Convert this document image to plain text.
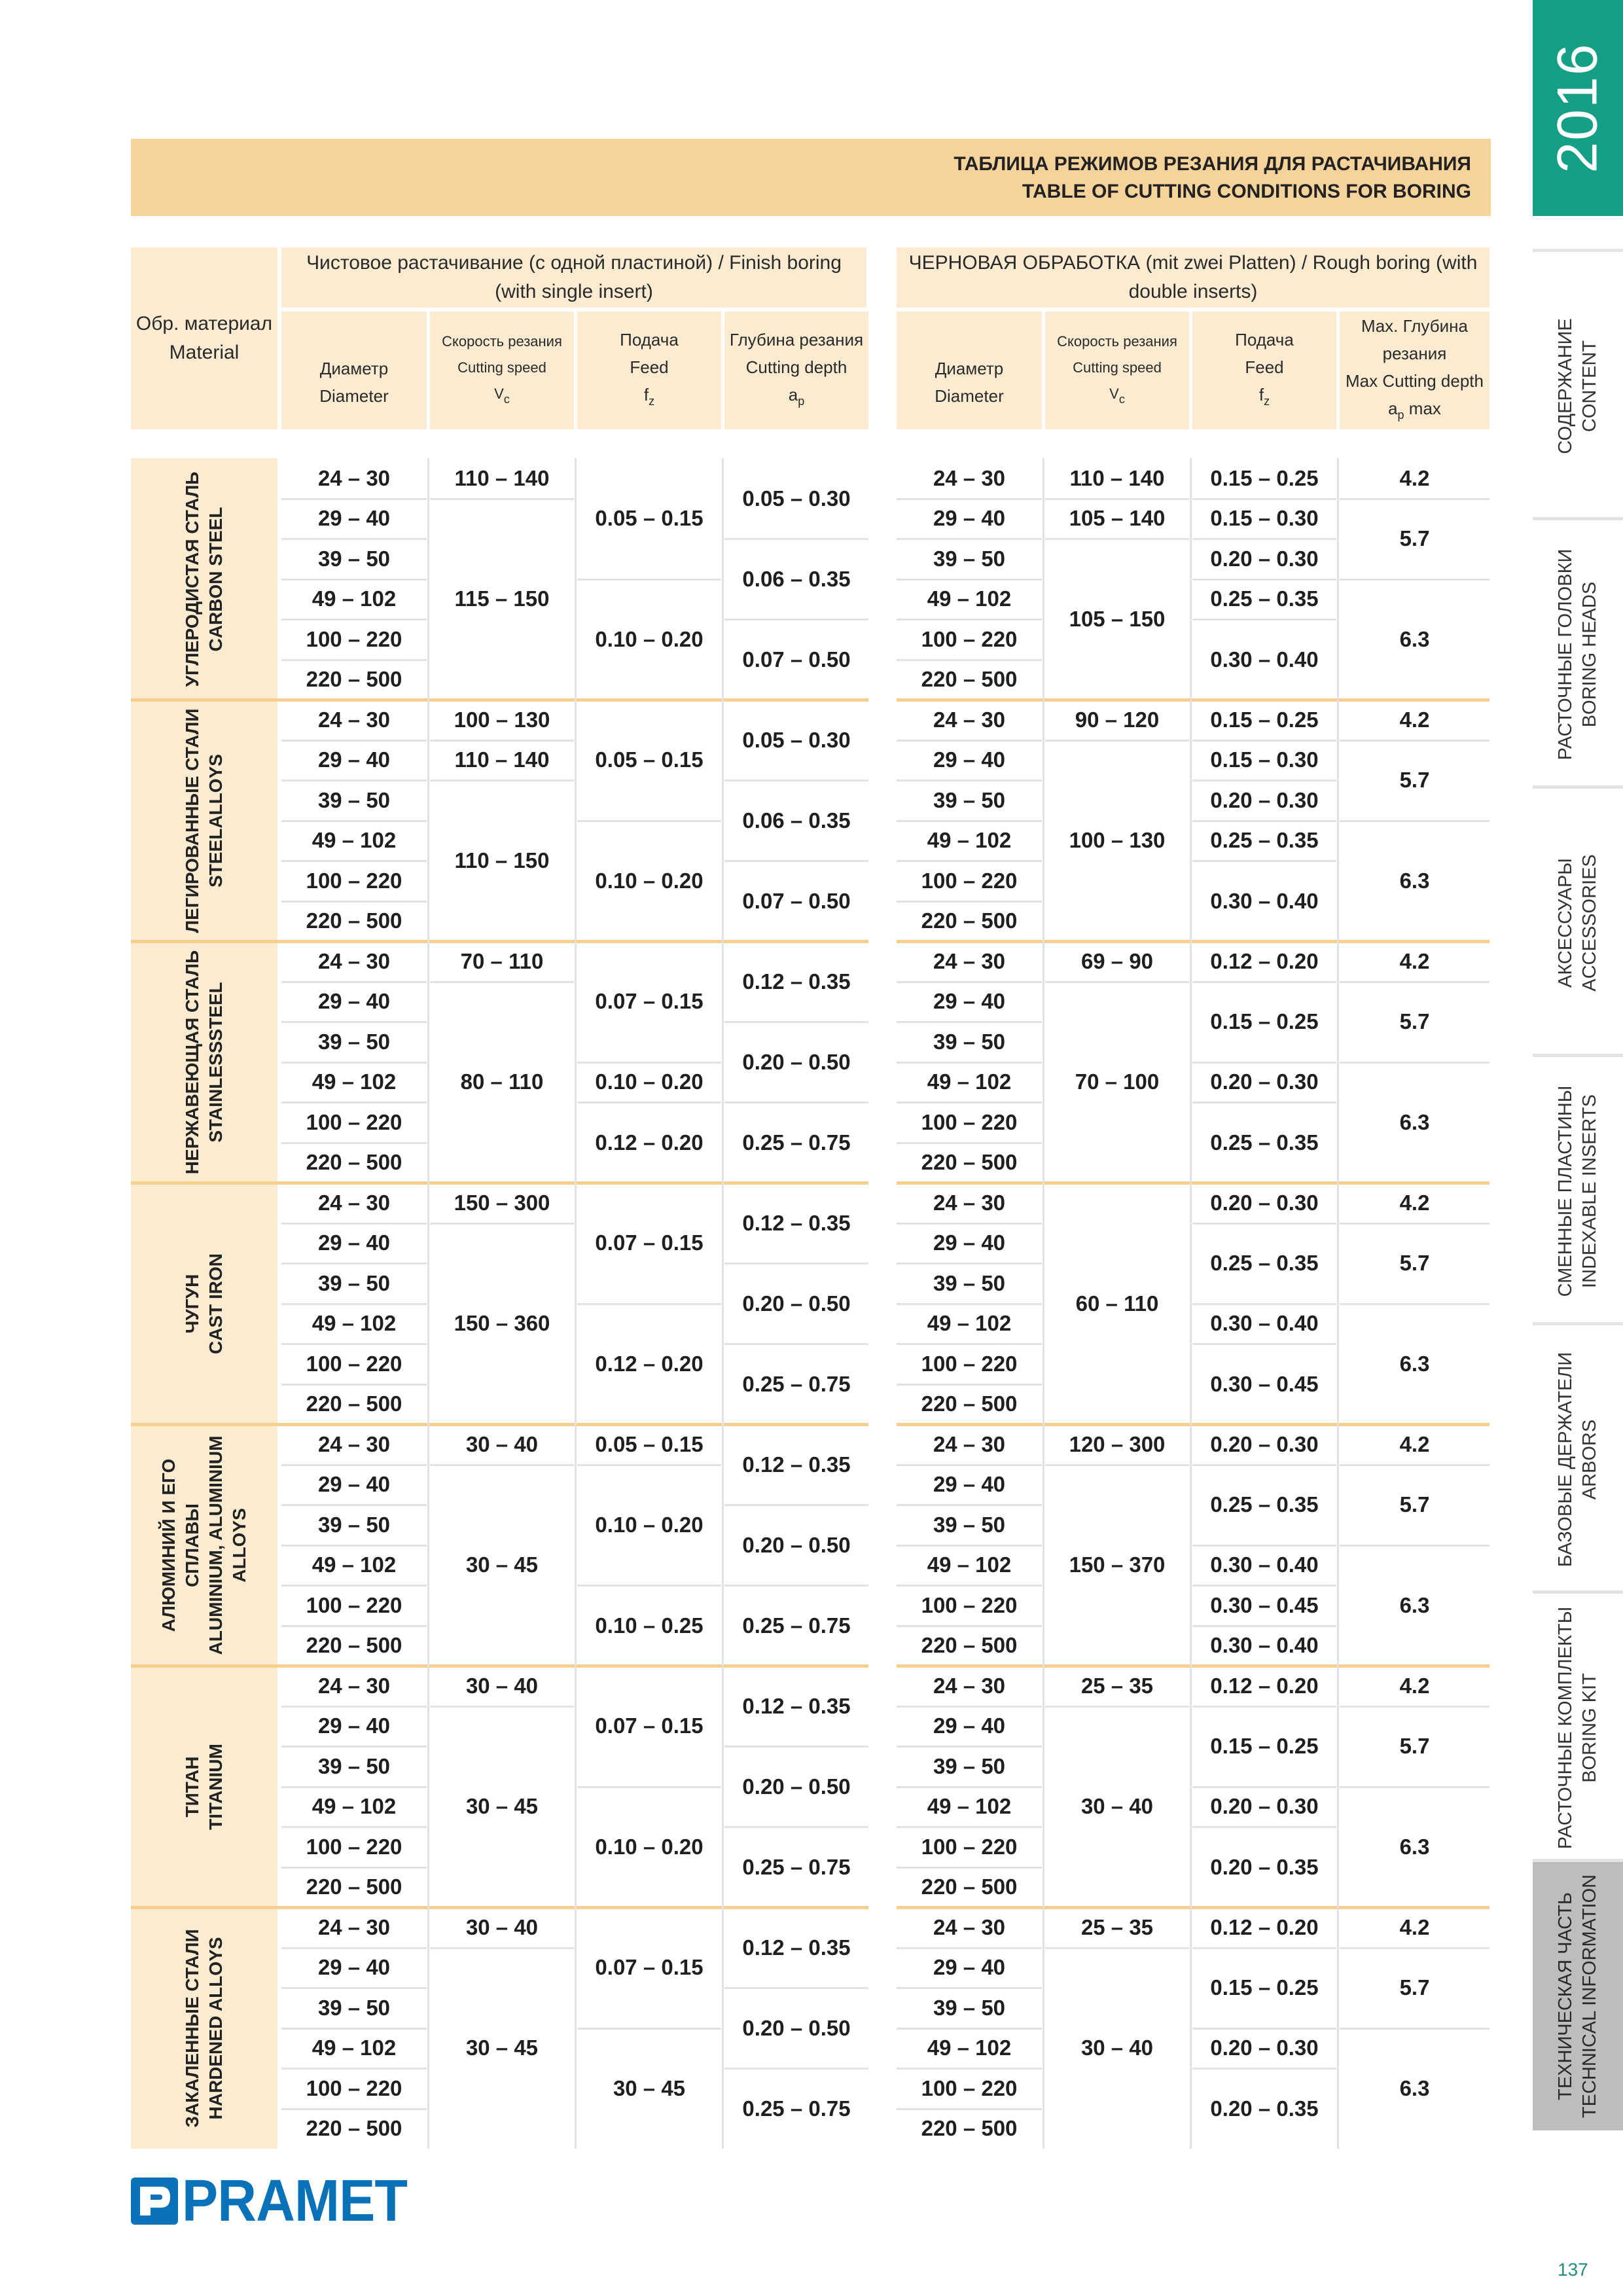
2016
СОДЕРЖАНИЕ CONTENT
РАСТОЧНЫЕ ГОЛОВКИ BORING HEADS
АКСЕССУАРЫ ACCESSORIES
СМЕННЫЕ ПЛАСТИНЫ INDEXABLE INSERTS
БАЗОВЫЕ ДЕРЖАТЕЛИ ARBORS
РАСТОЧНЫЕ КОМПЛЕКТЫ BORING KIT
ТЕХНИЧЕСКАЯ ЧАСТЬ TECHNICAL INFORMATION
ТАБЛИЦА РЕЖИМОВ РЕЗАНИЯ ДЛЯ РАСТАЧИВАНИЯ
TABLE OF CUTTING CONDITIONS FOR BORING
Обр. материал
Material
Чистовое растачивание (с одной пластиной) / Finish boring (with single insert)
ЧЕРНОВАЯ ОБРАБОТКА (mit zwei Platten) / Rough boring (with double inserts)
Диаметр
Diameter
Скорость резания
Cutting speed
$V_c$
Подача
Feed
$f_z$
Глубина резания
Cutting depth
$a_p$
Диаметр
Diameter
Скорость резания
Cutting speed
$V_c$
Подача
Feed
$f_z$
Max. Глубина
резания
Max Cutting depth
$a_p$ max
УГЛЕРОДИСТАЯ СТАЛЬ CARBON STEEL
24 – 30
29 – 40
39 – 50
49 – 102
100 – 220
220 – 500
24 – 30
29 – 40
39 – 50
49 – 102
100 – 220
220 – 500
110 – 140
115 – 150
0.05 – 0.15
0.10 – 0.20
0.05 – 0.30
0.06 – 0.35
0.07 – 0.50
110 – 140
105 – 140
105 – 150
0.15 – 0.25
0.15 – 0.30
0.20 – 0.30
0.25 – 0.35
0.30 – 0.40
4.2
5.7
6.3
ЛЕГИРОВАННЫЕ СТАЛИ STEELALLOYS
24 – 30
29 – 40
39 – 50
49 – 102
100 – 220
220 – 500
24 – 30
29 – 40
39 – 50
49 – 102
100 – 220
220 – 500
100 – 130
110 – 140
110 – 150
0.05 – 0.15
0.10 – 0.20
0.05 – 0.30
0.06 – 0.35
0.07 – 0.50
90 – 120
100 – 130
0.15 – 0.25
0.15 – 0.30
0.20 – 0.30
0.25 – 0.35
0.30 – 0.40
4.2
5.7
6.3
НЕРЖАВЕЮЩАЯ СТАЛЬ STAINLESSSTEEL
24 – 30
29 – 40
39 – 50
49 – 102
100 – 220
220 – 500
24 – 30
29 – 40
39 – 50
49 – 102
100 – 220
220 – 500
70 – 110
80 – 110
0.07 – 0.15
0.10 – 0.20
0.12 – 0.20
0.12 – 0.35
0.20 – 0.50
0.25 – 0.75
69 – 90
70 – 100
0.12 – 0.20
0.15 – 0.25
0.20 – 0.30
0.25 – 0.35
4.2
5.7
6.3
ЧУГУН CAST IRON
24 – 30
29 – 40
39 – 50
49 – 102
100 – 220
220 – 500
24 – 30
29 – 40
39 – 50
49 – 102
100 – 220
220 – 500
150 – 300
150 – 360
0.07 – 0.15
0.12 – 0.20
0.12 – 0.35
0.20 – 0.50
0.25 – 0.75
60 – 110
0.20 – 0.30
0.25 – 0.35
0.30 – 0.40
0.30 – 0.45
4.2
5.7
6.3
АЛЮМИНИЙ И ЕГО СПЛАВЫ ALUMINIUM, ALUMINIUM ALLOYS
24 – 30
29 – 40
39 – 50
49 – 102
100 – 220
220 – 500
24 – 30
29 – 40
39 – 50
49 – 102
100 – 220
220 – 500
30 – 40
30 – 45
0.05 – 0.15
0.10 – 0.20
0.10 – 0.25
0.12 – 0.35
0.20 – 0.50
0.25 – 0.75
120 – 300
150 – 370
0.20 – 0.30
0.25 – 0.35
0.30 – 0.40
0.30 – 0.45
0.30 – 0.40
4.2
5.7
6.3
ТИТАН TITANIUM
24 – 30
29 – 40
39 – 50
49 – 102
100 – 220
220 – 500
24 – 30
29 – 40
39 – 50
49 – 102
100 – 220
220 – 500
30 – 40
30 – 45
0.07 – 0.15
0.10 – 0.20
0.12 – 0.35
0.20 – 0.50
0.25 – 0.75
25 – 35
30 – 40
0.12 – 0.20
0.15 – 0.25
0.20 – 0.30
0.20 – 0.35
4.2
5.7
6.3
ЗАКАЛЕННЫЕ СТАЛИ HARDENED ALLOYS
24 – 30
29 – 40
39 – 50
49 – 102
100 – 220
220 – 500
24 – 30
29 – 40
39 – 50
49 – 102
100 – 220
220 – 500
30 – 40
30 – 45
0.07 – 0.15
30 – 45
0.12 – 0.35
0.20 – 0.50
0.25 – 0.75
25 – 35
30 – 40
0.12 – 0.20
0.15 – 0.25
0.20 – 0.30
0.20 – 0.35
4.2
5.7
6.3
PRAMET
137
